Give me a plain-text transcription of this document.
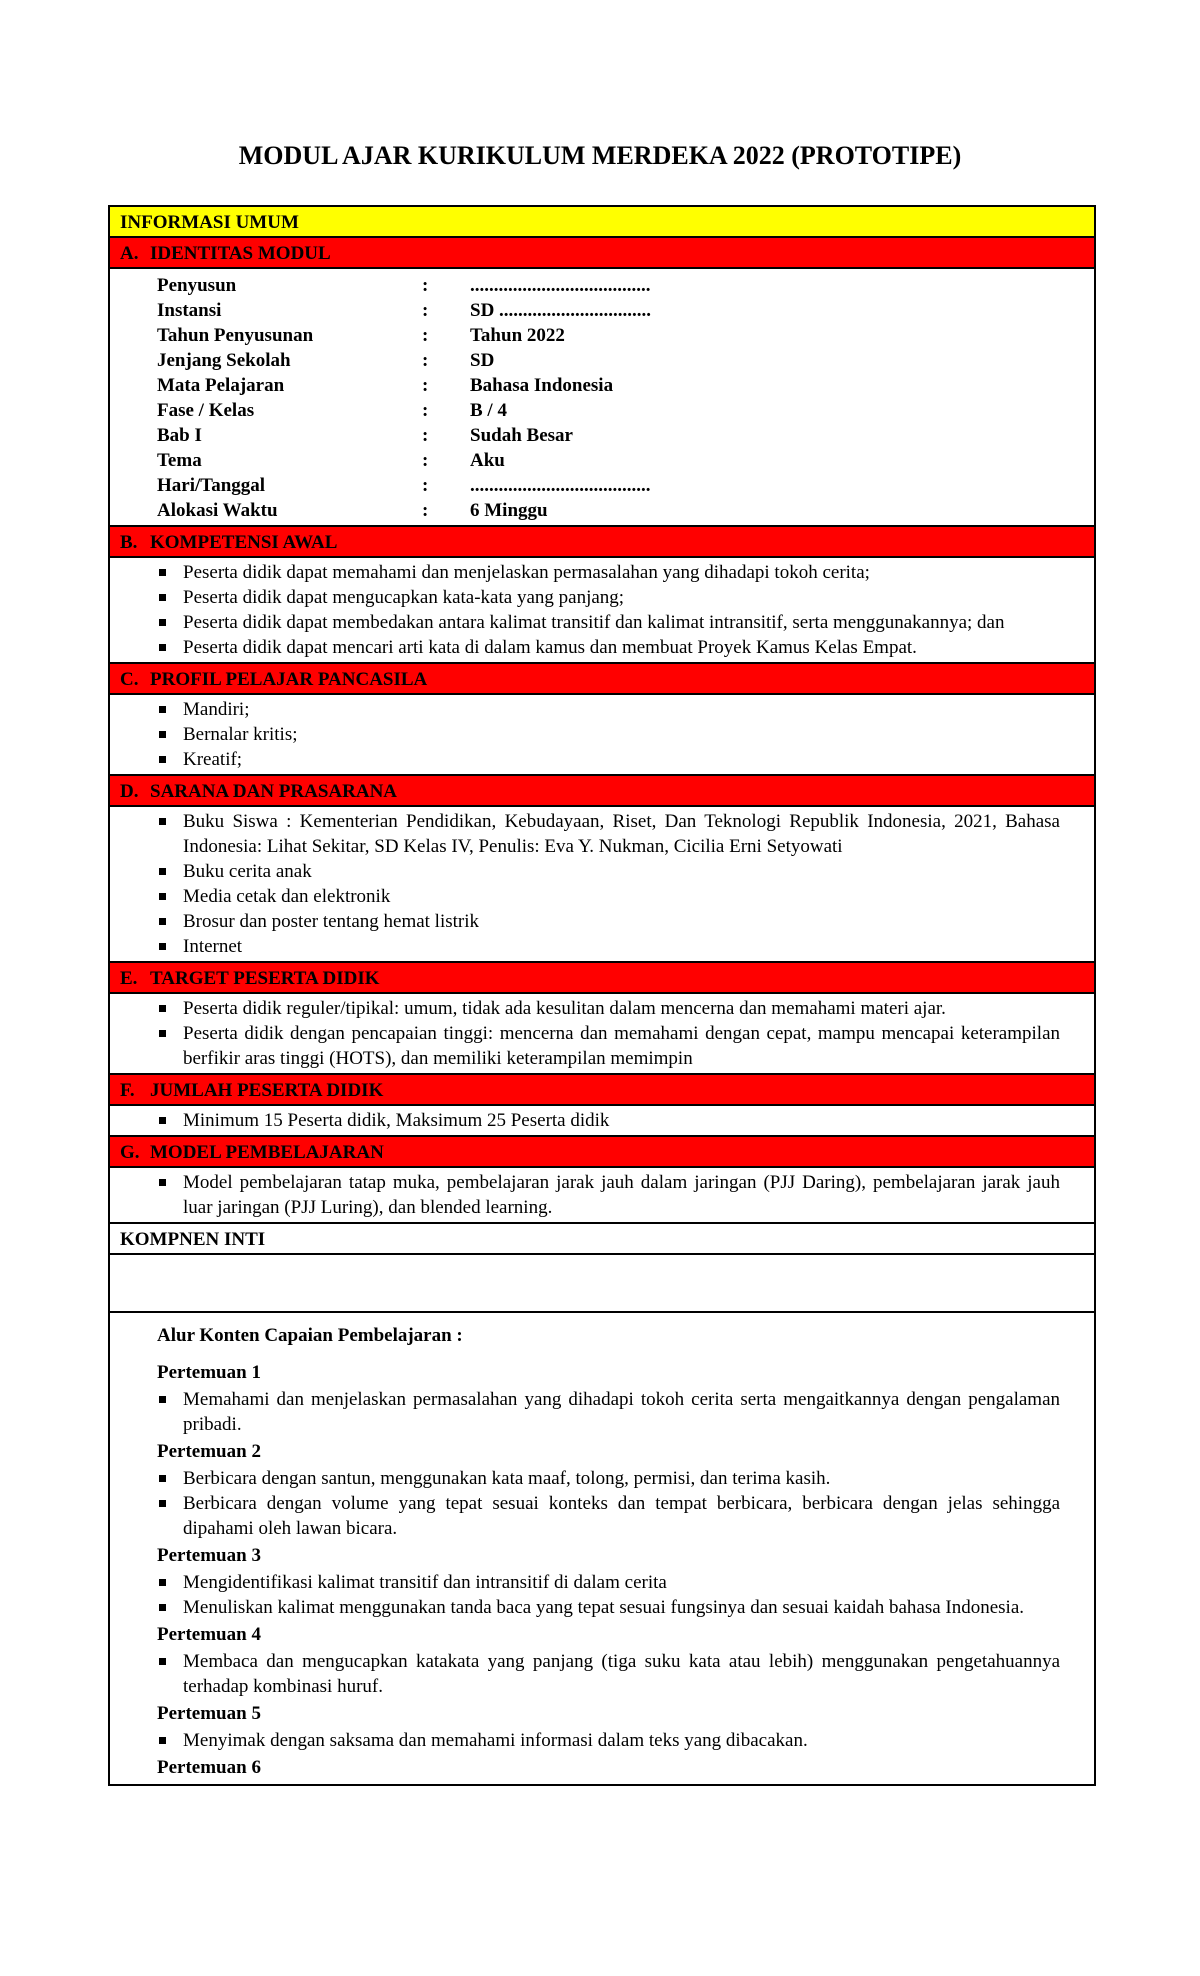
MODUL AJAR KURIKULUM MERDEKA 2022 (PROTOTIPE)
INFORMASI UMUM
A. IDENTITAS MODUL
Penyusun	:	......................................
Instansi	:	SD ................................
Tahun Penyusunan	:	Tahun 2022
Jenjang Sekolah	:	SD
Mata Pelajaran	:	Bahasa Indonesia
Fase / Kelas	:	B / 4
Bab I	:	Sudah Besar
Tema	:	Aku
Hari/Tanggal	:	......................................
Alokasi Waktu	:	6 Minggu
B. KOMPETENSI AWAL
Peserta didik dapat memahami dan menjelaskan permasalahan yang dihadapi tokoh cerita;
Peserta didik dapat mengucapkan kata-kata yang panjang;
Peserta didik dapat membedakan antara kalimat transitif dan kalimat intransitif, serta menggunakannya; dan
Peserta didik dapat mencari arti kata di dalam kamus dan membuat Proyek Kamus Kelas Empat.
C. PROFIL PELAJAR PANCASILA
Mandiri;
Bernalar kritis;
Kreatif;
D. SARANA DAN PRASARANA
Buku Siswa : Kementerian Pendidikan, Kebudayaan, Riset, Dan Teknologi Republik Indonesia, 2021, Bahasa Indonesia: Lihat Sekitar, SD Kelas IV, Penulis: Eva Y. Nukman, Cicilia Erni Setyowati
Buku cerita anak
Media cetak dan elektronik
Brosur dan poster tentang hemat listrik
Internet
E. TARGET PESERTA DIDIK
Peserta didik reguler/tipikal: umum, tidak ada kesulitan dalam mencerna dan memahami materi ajar.
Peserta didik dengan pencapaian tinggi: mencerna dan memahami dengan cepat, mampu mencapai keterampilan berfikir aras tinggi (HOTS), dan memiliki keterampilan memimpin
F. JUMLAH PESERTA DIDIK
Minimum 15 Peserta didik, Maksimum 25 Peserta didik
G. MODEL PEMBELAJARAN
Model pembelajaran tatap muka, pembelajaran jarak jauh dalam jaringan (PJJ Daring), pembelajaran jarak jauh luar jaringan (PJJ Luring), dan blended learning.
KOMPNEN INTI
Alur Konten Capaian Pembelajaran :
Pertemuan 1
Memahami dan menjelaskan permasalahan yang dihadapi tokoh cerita serta mengaitkannya dengan pengalaman pribadi.
Pertemuan 2
Berbicara dengan santun, menggunakan kata maaf, tolong, permisi, dan terima kasih.
Berbicara dengan volume yang tepat sesuai konteks dan tempat berbicara, berbicara dengan jelas sehingga dipahami oleh lawan bicara.
Pertemuan 3
Mengidentifikasi kalimat transitif dan intransitif di dalam cerita
Menuliskan kalimat menggunakan tanda baca yang tepat sesuai fungsinya dan sesuai kaidah bahasa Indonesia.
Pertemuan 4
Membaca dan mengucapkan katakata yang panjang (tiga suku kata atau lebih) menggunakan pengetahuannya terhadap kombinasi huruf.
Pertemuan 5
Menyimak dengan saksama dan memahami informasi dalam teks yang dibacakan.
Pertemuan 6
